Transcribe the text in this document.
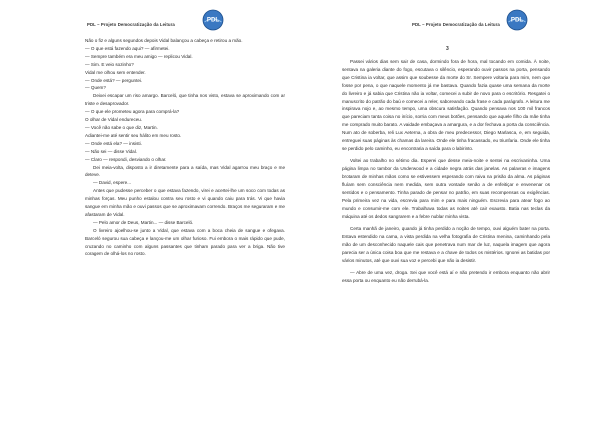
PDL – Projeto Democratização da Leitura
PDL

Não o fiz e alguns segundos depois Vidal balançou a cabeça e retirou a mão.

— O que está fazendo aqui? — afirmetei.

— Sempre também era meu amigo — replicou Vidal.

— Sim. E veio sozinho?

Vidal me olhou sem entender.

— Onde está? — perguntei.

— Quem?

Deixei escapar um riso amargo. Barceló, que tinha nos visto, estava se aproximando com ar triste e desaprovador.

— O que ele prometeu agora para comprá-la?

O olhar de Vidal endureceu.

— Você não sabe o que diz, Martin.

Adiantei-me até sentir seu hálito em meu rosto.

— Onde está ela? — insisti.

— Não sei — disse Vidal.

— Claro — respondi, desviando o olhar.

Dei meia-volta, disposto a ir diretamente para a saída, mas Vidal agarrou meu braço e me deteve.

— David, espere...

Antes que pudesse perceber o que estava fazendo, virei e acertei-lhe um soco com todas as minhas forças. Meu punho estalou contra seu rosto e vi quando caiu para trás. Vi que havia sangue em minha mão e ouvi passos que se aproximavam correndo. Braços me seguraram e me afastaram de Vidal.

— Pelo amor de Deus, Martin... — disse Barceló.

O livreiro ajoelhou-se junto a Vidal, que estava com a boca cheia de sangue e ofegava. Barceló segurou sua cabeça e lançou-me um olhar furioso. Fui embora o mais rápido que pude, cruzando no caminho com alguns passantes que tinham parado para ver a briga. Não tive coragem de olhá-los no rosto.

PDL – Projeto Democratização da Leitura
PDL
3

Passei vários dias sem sair de casa, dormindo fora de hora, mal tocando em comida. À noite, sentava na galeria diante do fogo, escutava o silêncio, esperando ouvir passos na porta, pensando que Cristina ia voltar, que assim que soubesse da morte do Sr. Sempere voltaria para mim, nem que fosse por pena, o que naquele momento já me bastava. Quando fazia quase uma semana da morte do livreiro e já sabia que Cristina não ia voltar, comecei a subir de novo para o escritório. Resgatei o manuscrito do patrão do baú e comecei a reler, saboreando cada frase e cada parágrafo. A leitura me inspirava nojo e, ao mesmo tempo, uma obscura satisfação. Quando pensava nos 100 mil francos que pareciam tanta coisa no início, sorria com meus botões, pensando que aquele filho da mãe tinha me comprado muito barato. A vaidade embaçava a amargura, e a dor fechava a porta da consciência. Num ato de soberba, reli Lux Aeterna, a obra de meu predecessor, Diego Marlasca, e, em seguida, entreguei suas páginas às chamas da lareira. Onde ele tinha fracassado, eu triunfaria. Onde ele tinha se perdido pelo caminho, eu encontraria a saída para o labirinto.

Voltei ao trabalho no sétimo dia. Esperei que desse meia-noite e sentei na escrivaninha. Uma página limpa no tambor da Underwood e a cidade negra atrás das janelas. As palavras e imagens brotaram de minhas mãos como se estivessem esperando com raiva na prisão da alma. As páginas fluíam sem consciência nem medida, sem outra vontade senão a de enfeitiçar e envenenar os sentidos e o pensamento. Tinha parado de pensar no patrão, em suas recompensas ou exigências. Pela primeira vez na vida, escrevia para mim e para mais ninguém. Escrevia para atear fogo ao mundo e consumir-me com ele. Trabalhava todas as noites até cair exausto. Batia nas teclas da máquina até os dedos sangrarem e a febre nublar minha vista.

Certa manhã de janeiro, quando já tinha perdido a noção de tempo, ouvi alguém bater na porta. Estava estendido na cama, a vista perdida na velha fotografia de Cristina menina, caminhando pela mão de um desconhecido naquele cais que penetrava num mar de luz, naquela imagem que agora parecia ser a única coisa boa que me restava e a chave de todos os mistérios. Ignorei as batidas por vários minutos, até que ouvi sua voz e percebi que não ia desistir.

— Abre de uma vez, droga. Sei que você está aí e não pretendo ir embora enquanto não abrir essa porta ou enquanto eu não derrubá-la.
